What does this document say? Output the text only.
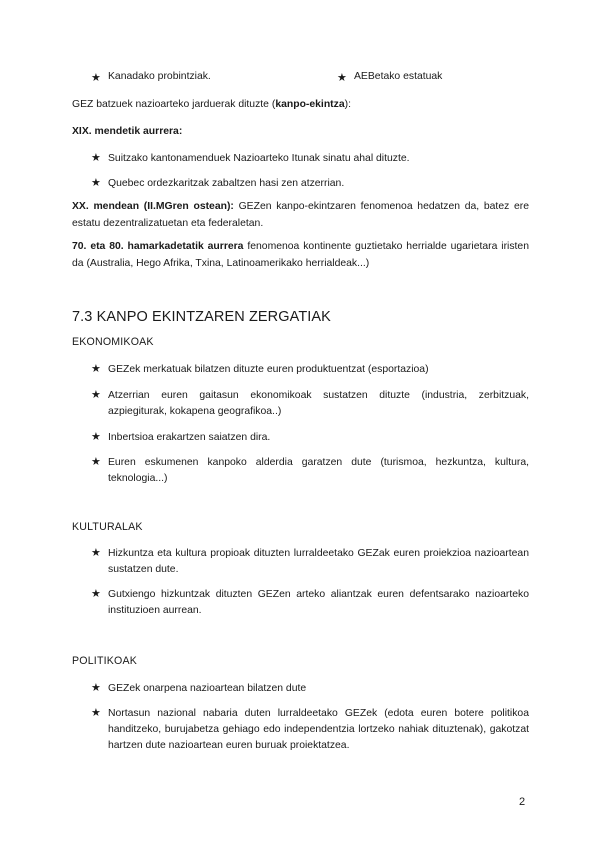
★ Kanadako probintziak.	★ AEBetako estatuak
GEZ batzuek nazioarteko jarduerak dituzte (kanpo-ekintza):
XIX. mendetik aurrera:
★ Suitzako kantonamenduek Nazioarteko Itunak sinatu ahal dituzte.
★ Quebec ordezkaritzak zabaltzen hasi zen atzerrian.
XX. mendean (II.MGren ostean): GEZen kanpo-ekintzaren fenomenoa hedatzen da, batez ere estatu dezentralizatuetan eta federaletan.
70. eta 80. hamarkadetatik aurrera fenomenoa kontinente guztietako herrialde ugarietara iristen da (Australia, Hego Afrika, Txina, Latinoamerikako herrialdeak...)
7.3 KANPO EKINTZAREN ZERGATIAK
EKONOMIKOAK
★ GEZek merkatuak bilatzen dituzte euren produktuentzat (esportazioa)
★ Atzerrian euren gaitasun ekonomikoak sustatzen dituzte (industria, zerbitzuak, azpiegiturak, kokapena geografikoa..)
★ Inbertsioa erakartzen saiatzen dira.
★ Euren eskumenen kanpoko alderdia garatzen dute (turismoa, hezkuntza, kultura, teknologia...)
KULTURALAK
★ Hizkuntza eta kultura propioak dituzten lurraldeetako GEZak euren proiekzioa nazioartean sustatzen dute.
★ Gutxiengo hizkuntzak dituzten GEZen arteko aliantzak euren defentsarako nazioarteko instituzioen aurrean.
POLITIKOAK
★ GEZek onarpena nazioartean bilatzen dute
★ Nortasun nazional nabaria duten lurraldeetako GEZek (edota euren botere politikoa handitzeko, burujabetza gehiago edo independentzia lortzeko nahiak dituztenak), gakotzat hartzen dute nazioartean euren buruak proiektatzea.
2
